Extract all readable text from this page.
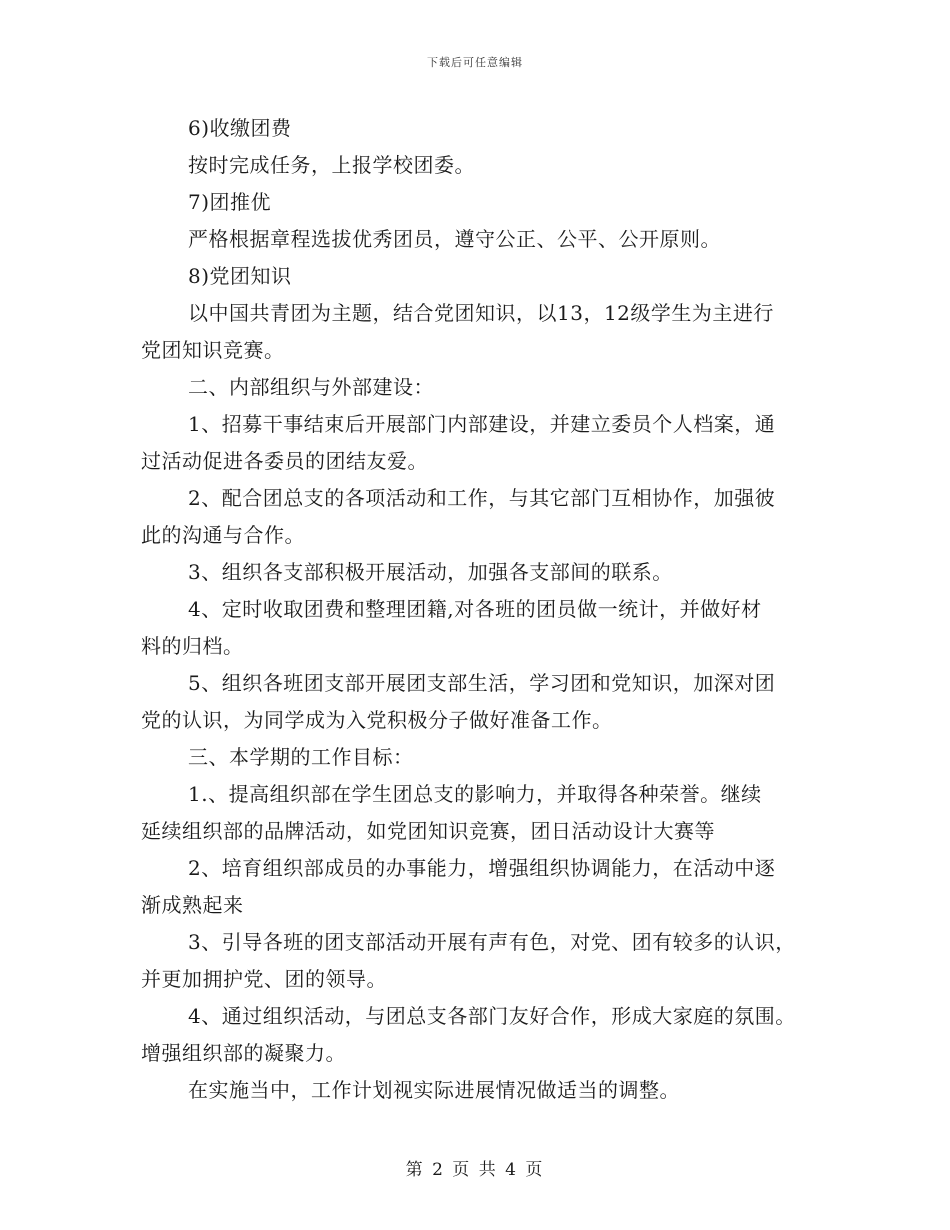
下载后可任意编辑
6)收缴团费
按时完成任务，上报学校团委。
7)团推优
严格根据章程选拔优秀团员，遵守公正、公平、公开原则。
8)党团知识
以中国共青团为主题，结合党团知识，以13，12级学生为主进行
党团知识竞赛。
二、内部组织与外部建设：
1、招募干事结束后开展部门内部建设，并建立委员个人档案，通
过活动促进各委员的团结友爱。
2、配合团总支的各项活动和工作，与其它部门互相协作，加强彼
此的沟通与合作。
3、组织各支部积极开展活动，加强各支部间的联系。
4、定时收取团费和整理团籍,对各班的团员做一统计，并做好材
料的归档。
5、组织各班团支部开展团支部生活，学习团和党知识，加深对团
党的认识，为同学成为入党积极分子做好准备工作。
三、本学期的工作目标：
1.、提高组织部在学生团总支的影响力，并取得各种荣誉。继续
延续组织部的品牌活动，如党团知识竞赛，团日活动设计大赛等
2、培育组织部成员的办事能力，增强组织协调能力，在活动中逐
渐成熟起来
3、引导各班的团支部活动开展有声有色，对党、团有较多的认识，
并更加拥护党、团的领导。
4、通过组织活动，与团总支各部门友好合作，形成大家庭的氛围。
增强组织部的凝聚力。
在实施当中，工作计划视实际进展情况做适当的调整。
第 2 页 共 4 页
